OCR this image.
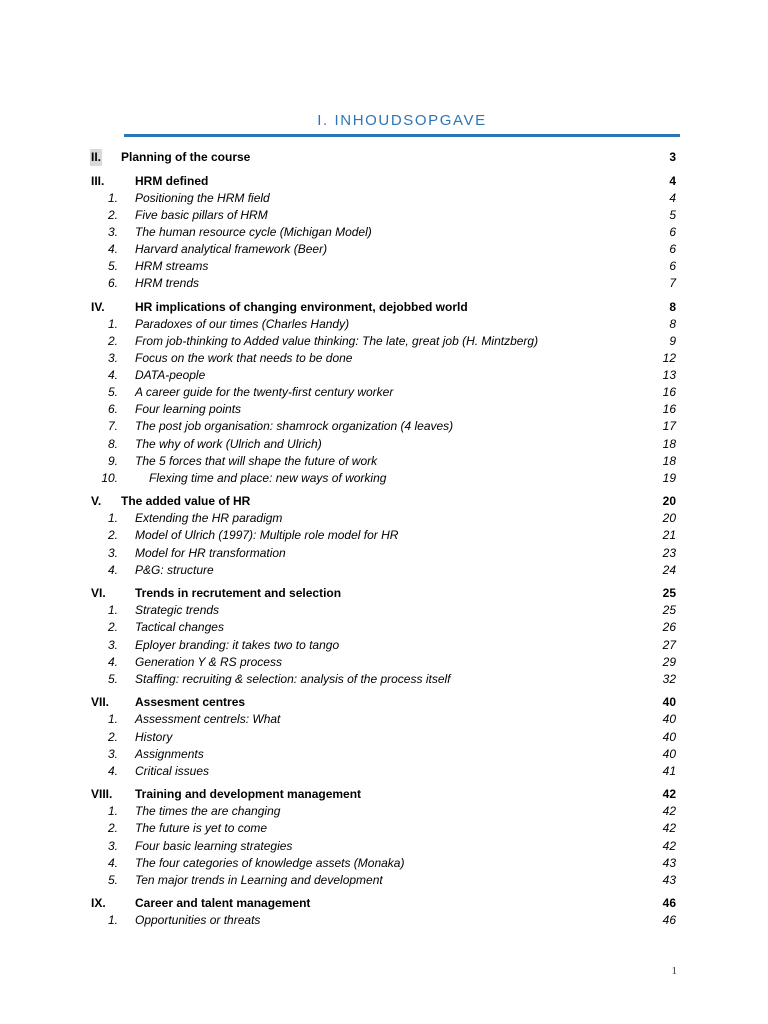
I. INHOUDSOPGAVE
II. Planning of the course	3
III.	HRM defined	4
1. Positioning the HRM field	4
2. Five basic pillars of HRM	5
3. The human resource cycle (Michigan Model)	6
4. Harvard analytical framework (Beer)	6
5. HRM streams	6
6. HRM trends	7
IV.	HR implications of changing environment, dejobbed world	8
1. Paradoxes of our times (Charles Handy)	8
2. From job-thinking to Added value thinking: The late, great job (H. Mintzberg)	9
3. Focus on the work that needs to be done	12
4. DATA-people	13
5. A career guide for the twenty-first century worker	16
6. Four learning points	16
7. The post job organisation: shamrock organization (4 leaves)	17
8. The why of work (Ulrich and Ulrich)	18
9. The 5 forces that will shape the future of work	18
10.	Flexing time and place: new ways of working	19
V. The added value of HR	20
1. Extending the HR paradigm	20
2. Model of Ulrich (1997): Multiple role model for HR	21
3. Model for HR transformation	23
4. P&G: structure	24
VI. Trends in recrutement and selection	25
1. Strategic trends	25
2. Tactical changes	26
3. Eployer branding: it takes two to tango	27
4. Generation Y & RS process	29
5. Staffing: recruiting & selection: analysis of the process itself	32
VII. Assesment centres	40
1. Assessment centrels: What	40
2. History	40
3. Assignments	40
4. Critical issues	41
VIII. Training and development management	42
1. The times the are changing	42
2. The future is yet to come	42
3. Four basic learning strategies	42
4. The four categories of knowledge assets (Monaka)	43
5. Ten major trends in Learning and development	43
IX. Career and talent management	46
1. Opportunities or threats	46
1
